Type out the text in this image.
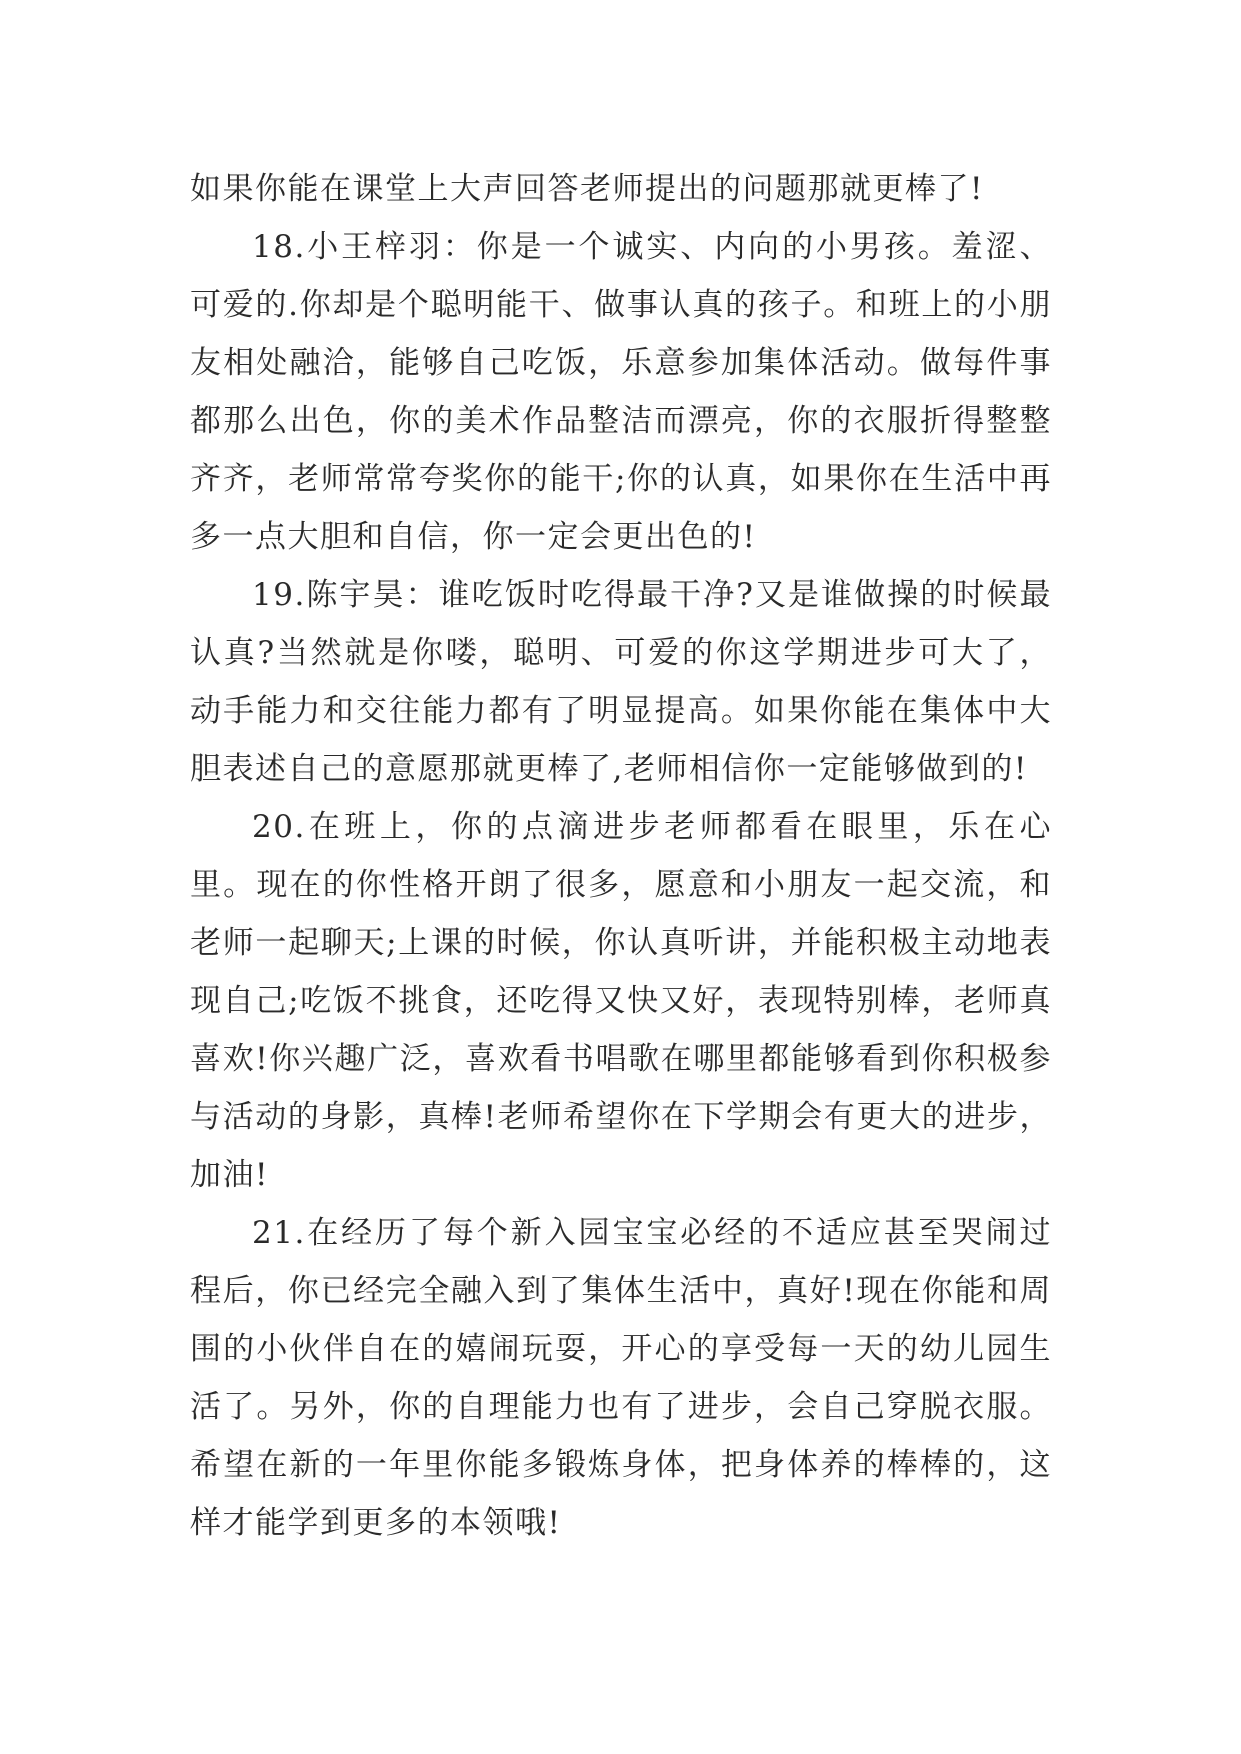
如果你能在课堂上大声回答老师提出的问题那就更棒了!

18.小王梓羽：你是一个诚实、内向的小男孩。羞涩、可爱的.你却是个聪明能干、做事认真的孩子。和班上的小朋友相处融洽，能够自己吃饭，乐意参加集体活动。做每件事都那么出色，你的美术作品整洁而漂亮，你的衣服折得整整齐齐，老师常常夸奖你的能干;你的认真，如果你在生活中再多一点大胆和自信，你一定会更出色的!

19.陈宇昊：谁吃饭时吃得最干净?又是谁做操的时候最认真?当然就是你喽，聪明、可爱的你这学期进步可大了，动手能力和交往能力都有了明显提高。如果你能在集体中大胆表述自己的意愿那就更棒了,老师相信你一定能够做到的!

20.在班上，你的点滴进步老师都看在眼里，乐在心里。现在的你性格开朗了很多，愿意和小朋友一起交流，和老师一起聊天;上课的时候，你认真听讲，并能积极主动地表现自己;吃饭不挑食，还吃得又快又好，表现特别棒，老师真喜欢!你兴趣广泛，喜欢看书唱歌在哪里都能够看到你积极参与活动的身影，真棒!老师希望你在下学期会有更大的进步，加油!

21.在经历了每个新入园宝宝必经的不适应甚至哭闹过程后，你已经完全融入到了集体生活中，真好!现在你能和周围的小伙伴自在的嬉闹玩耍，开心的享受每一天的幼儿园生活了。另外，你的自理能力也有了进步，会自己穿脱衣服。希望在新的一年里你能多锻炼身体，把身体养的棒棒的，这样才能学到更多的本领哦!
